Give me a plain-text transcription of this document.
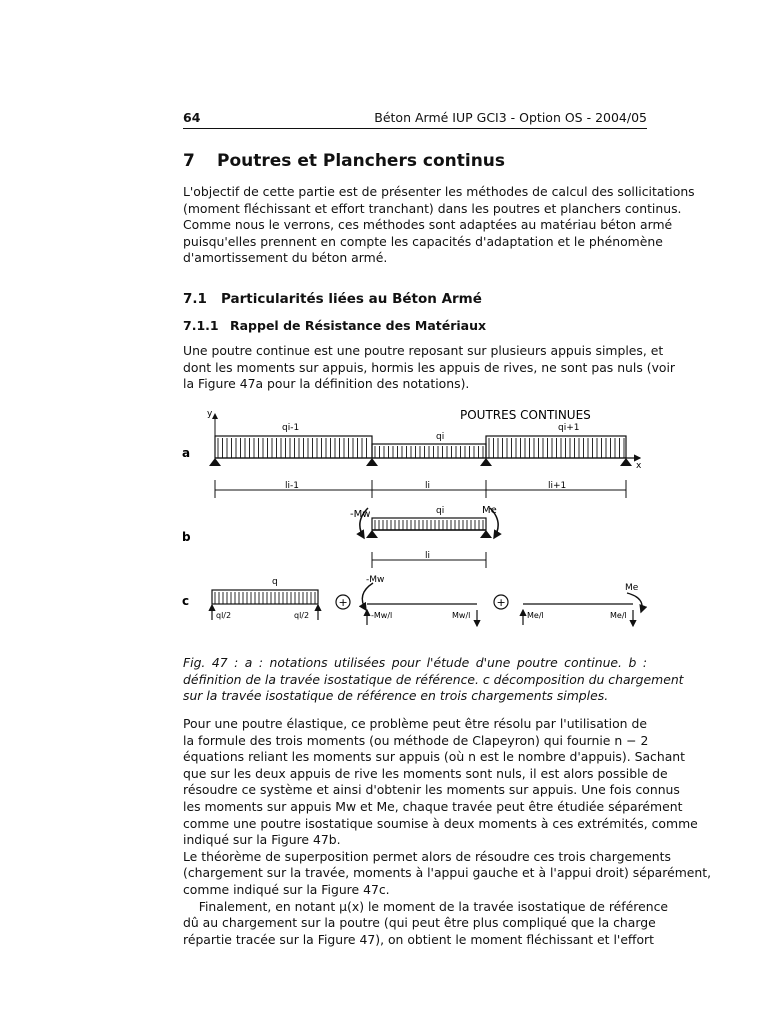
64	Béton Armé IUP GCI3 - Option OS - 2004/05
7 Poutres et Planchers continus
L'objectif de cette partie est de présenter les méthodes de calcul des sollicitations
(moment fléchissant et effort tranchant) dans les poutres et planchers continus.
Comme nous le verrons, ces méthodes sont adaptées au matériau béton armé
puisqu'elles prennent en compte les capacités d'adaptation et le phénomène
d'amortissement du béton armé.
7.1 Particularités liées au Béton Armé
7.1.1 Rappel de Résistance des Matériaux
Une poutre continue est une poutre reposant sur plusieurs appuis simples, et
dont les moments sur appuis, hormis les appuis de rives, ne sont pas nuls (voir
la Figure 47a pour la définition des notations).
POUTRES CONTINUES
a
b
c
y
x
qi-1
qi
qi+1
li-1	li	li+1
-Mw	qi	Me
li
q
ql/2	ql/2
+
-Mw
-Mw/l	Mw/l
+
Me
Me/l	Me/l
Fig. 47 : a : notations utilisées pour l'étude d'une poutre continue. b :
définition de la travée isostatique de référence. c décomposition du chargement
sur la travée isostatique de référence en trois chargements simples.
Pour une poutre élastique, ce problème peut être résolu par l'utilisation de
la formule des trois moments (ou méthode de Clapeyron) qui fournie n − 2
équations reliant les moments sur appuis (où n est le nombre d'appuis). Sachant
que sur les deux appuis de rive les moments sont nuls, il est alors possible de
résoudre ce système et ainsi d'obtenir les moments sur appuis. Une fois connus
les moments sur appuis Mw et Me, chaque travée peut être étudiée séparément
comme une poutre isostatique soumise à deux moments à ces extrémités, comme
indiqué sur la Figure 47b.
Le théorème de superposition permet alors de résoudre ces trois chargements
(chargement sur la travée, moments à l'appui gauche et à l'appui droit) séparément,
comme indiqué sur la Figure 47c.
Finalement, en notant μ(x) le moment de la travée isostatique de référence
dû au chargement sur la poutre (qui peut être plus compliqué que la charge
répartie tracée sur la Figure 47), on obtient le moment fléchissant et l'effort
